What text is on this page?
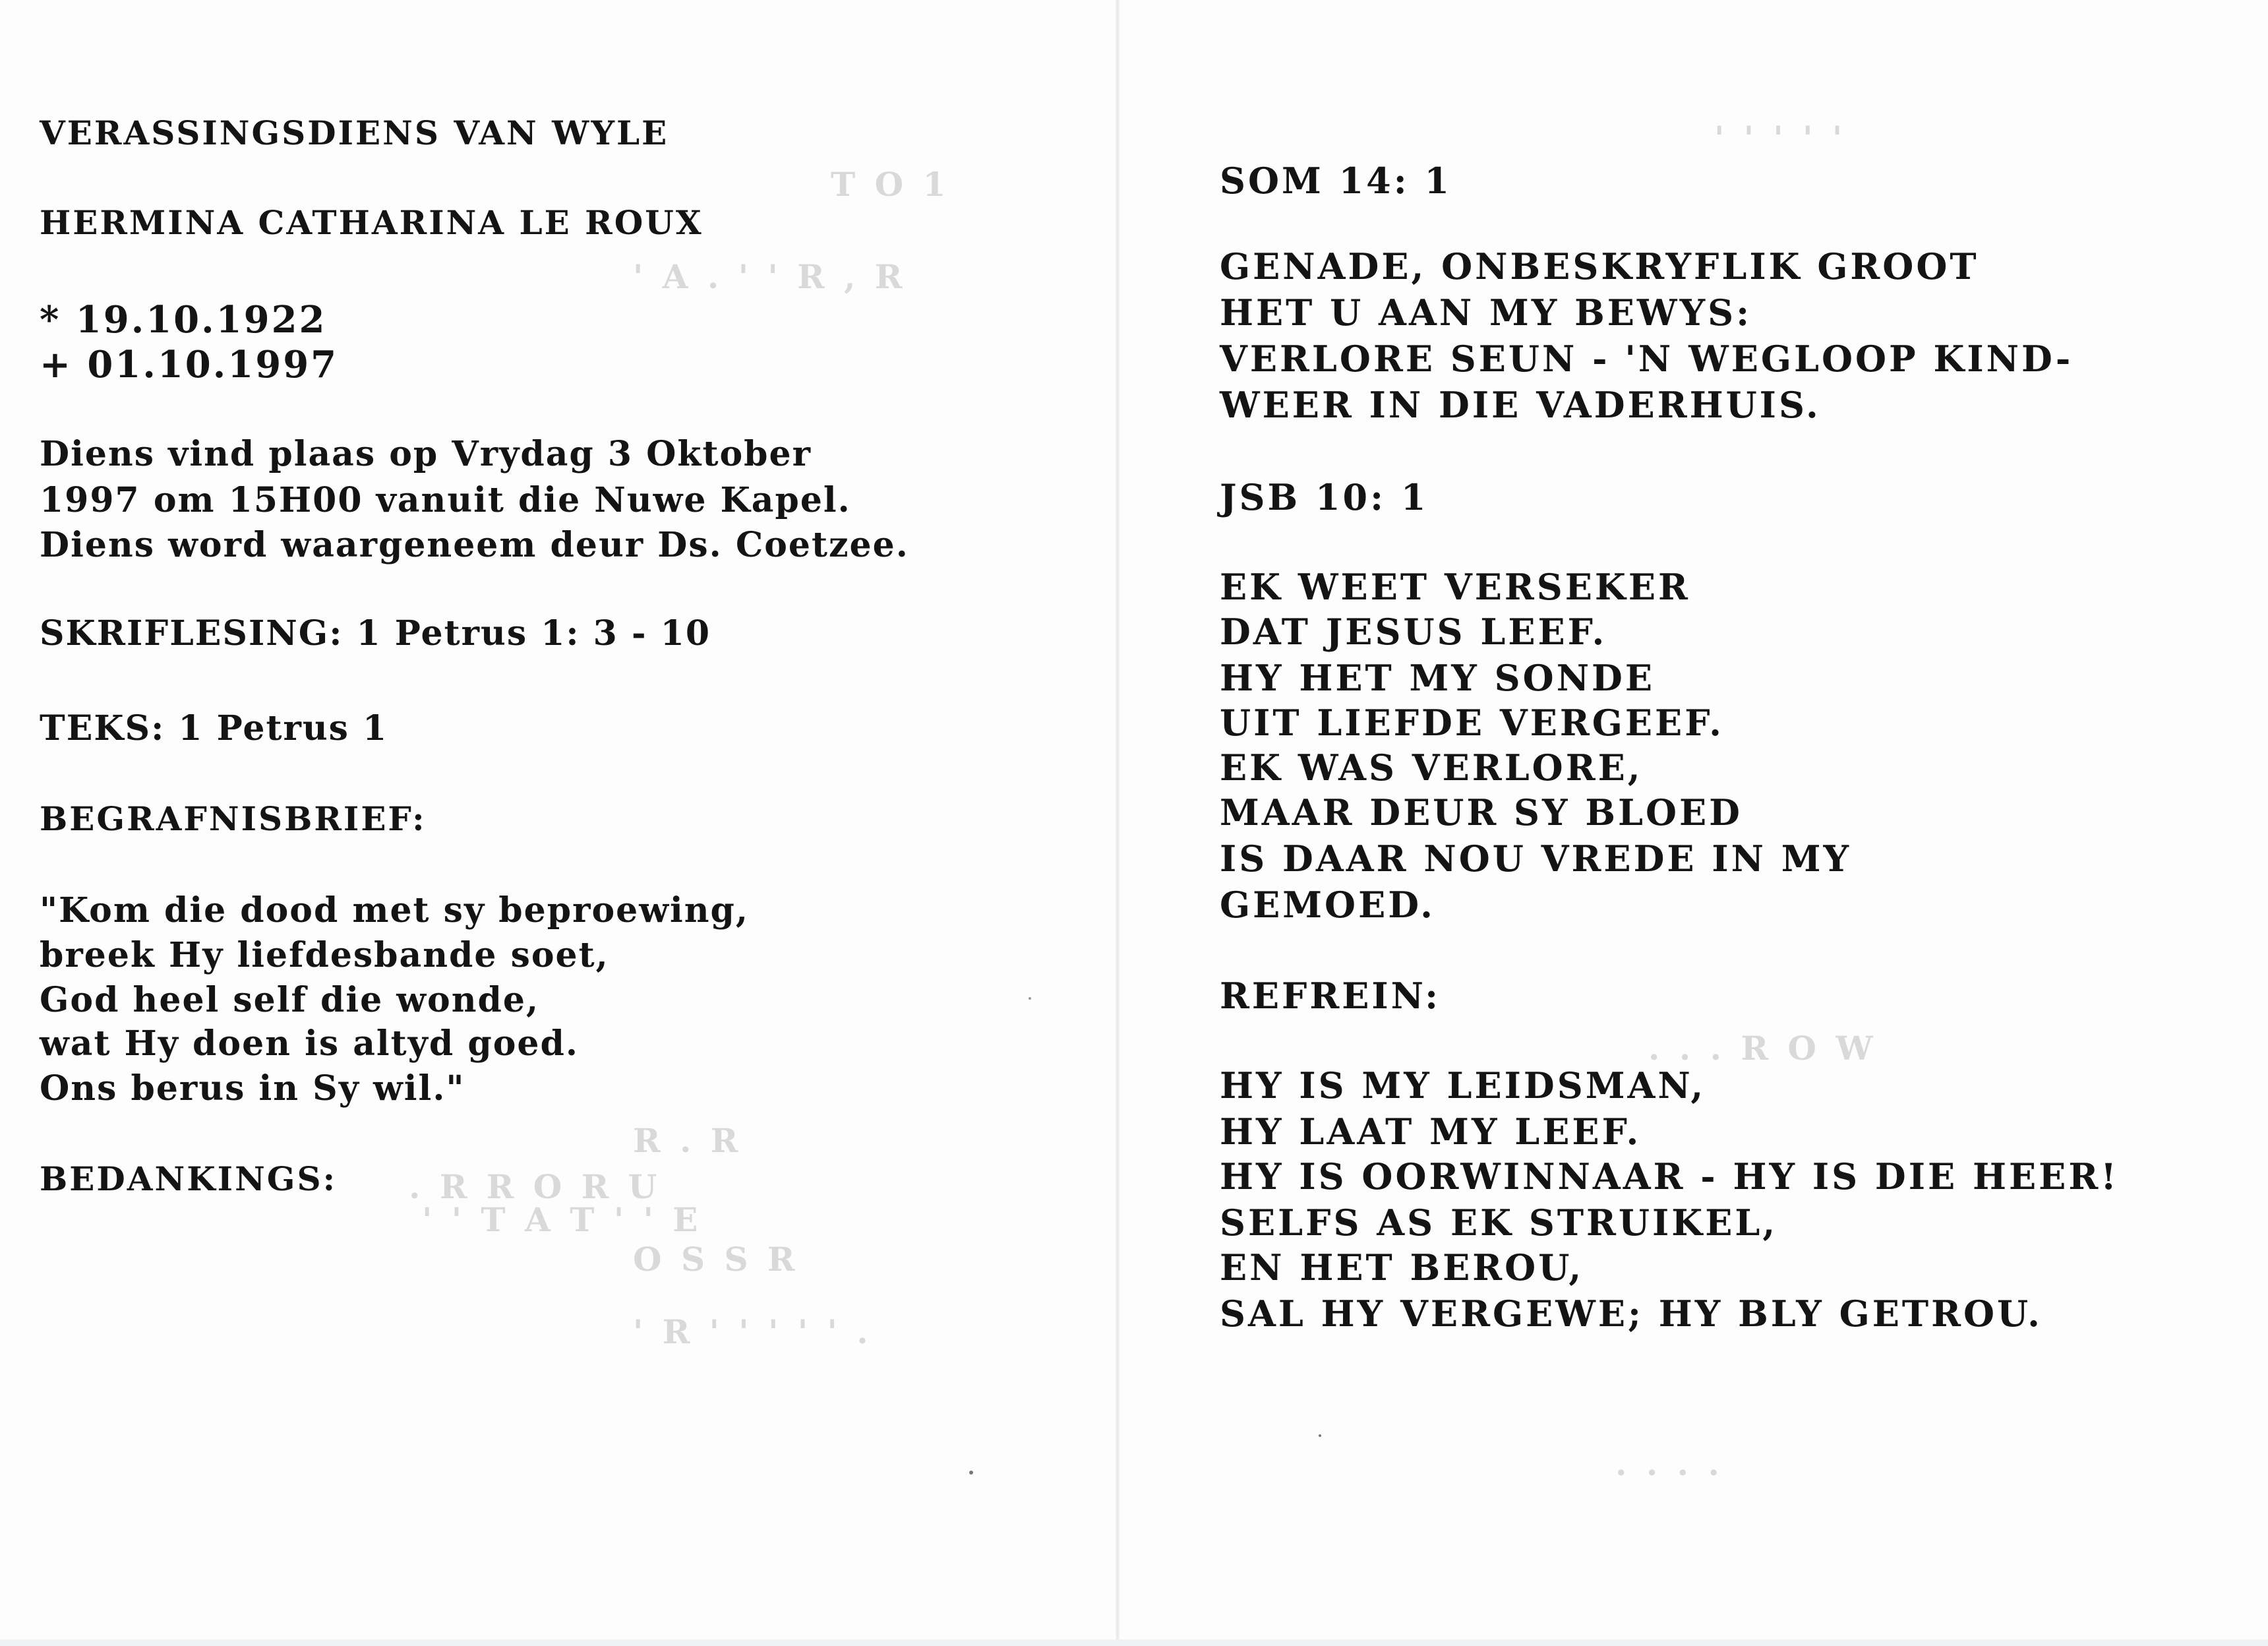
T O 1
' A . ' ' R , R
R . R
. R R O R U
' ' T A T ' ' E
O S S R
' R ' ' ' ' ' .
' ' ' ' '
. . . R O W
. . . .
VERASSINGSDIENS VAN WYLE
HERMINA CATHARINA LE ROUX
* 19.10.1922
+ 01.10.1997
Diens vind plaas op Vrydag 3 Oktober
1997 om 15H00 vanuit die Nuwe Kapel.
Diens word waargeneem deur Ds. Coetzee.
SKRIFLESING: 1 Petrus 1: 3 - 10
TEKS: 1 Petrus 1
BEGRAFNISBRIEF:
"Kom die dood met sy beproewing,
breek Hy liefdesbande soet,
God heel self die wonde,
wat Hy doen is altyd goed.
Ons berus in Sy wil."
BEDANKINGS:
SOM 14: 1
GENADE, ONBESKRYFLIK GROOT
HET U AAN MY BEWYS:
VERLORE SEUN - 'N WEGLOOP KIND-
WEER IN DIE VADERHUIS.
JSB 10: 1
EK WEET VERSEKER
DAT JESUS LEEF.
HY HET MY SONDE
UIT LIEFDE VERGEEF.
EK WAS VERLORE,
MAAR DEUR SY BLOED
IS DAAR NOU VREDE IN MY
GEMOED.
REFREIN:
HY IS MY LEIDSMAN,
HY LAAT MY LEEF.
HY IS OORWINNAAR - HY IS DIE HEER!
SELFS AS EK STRUIKEL,
EN HET BEROU,
SAL HY VERGEWE; HY BLY GETROU.
